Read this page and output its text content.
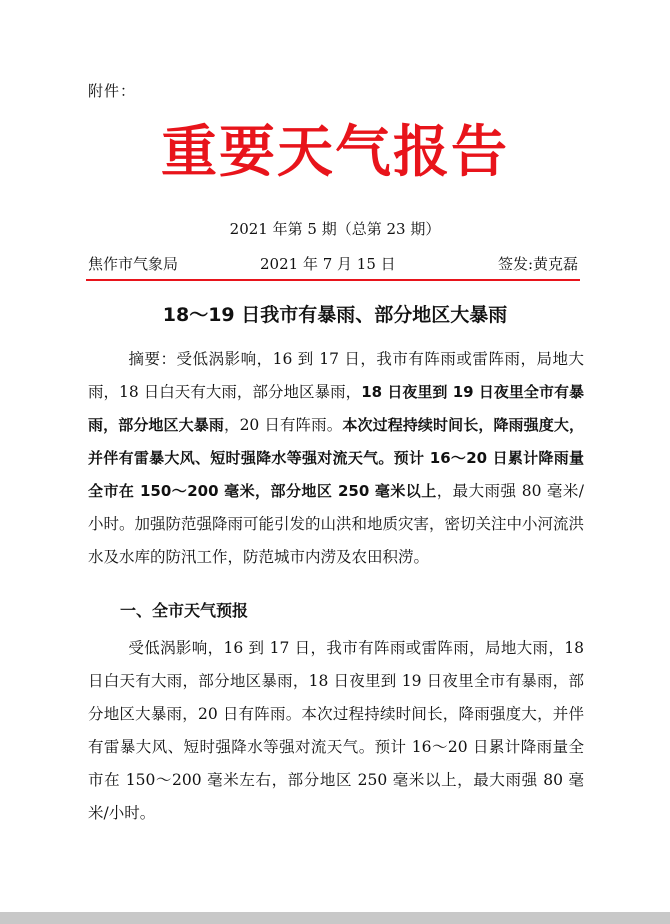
附件：
重要天气报告
2021 年第 5 期（总第 23 期）
焦作市气象局	2021 年 7 月 15 日	签发:黄克磊
18～19 日我市有暴雨、部分地区大暴雨

摘要：受低涡影响，16 到 17 日，我市有阵雨或雷阵雨，局地大雨，18 日白天有大雨，部分地区暴雨，18 日夜里到 19 日夜里全市有暴雨，部分地区大暴雨，20 日有阵雨。本次过程持续时间长，降雨强度大，并伴有雷暴大风、短时强降水等强对流天气。预计 16～20 日累计降雨量全市在 150～200 毫米，部分地区 250 毫米以上，最大雨强 80 毫米/小时。加强防范强降雨可能引发的山洪和地质灾害，密切关注中小河流洪水及水库的防汛工作，防范城市内涝及农田积涝。

一、全市天气预报

受低涡影响，16 到 17 日，我市有阵雨或雷阵雨，局地大雨，18 日白天有大雨，部分地区暴雨，18 日夜里到 19 日夜里全市有暴雨，部分地区大暴雨，20 日有阵雨。本次过程持续时间长，降雨强度大，并伴有雷暴大风、短时强降水等强对流天气。预计 16～20 日累计降雨量全市在 150～200 毫米左右，部分地区 250 毫米以上，最大雨强 80 毫米/小时。
